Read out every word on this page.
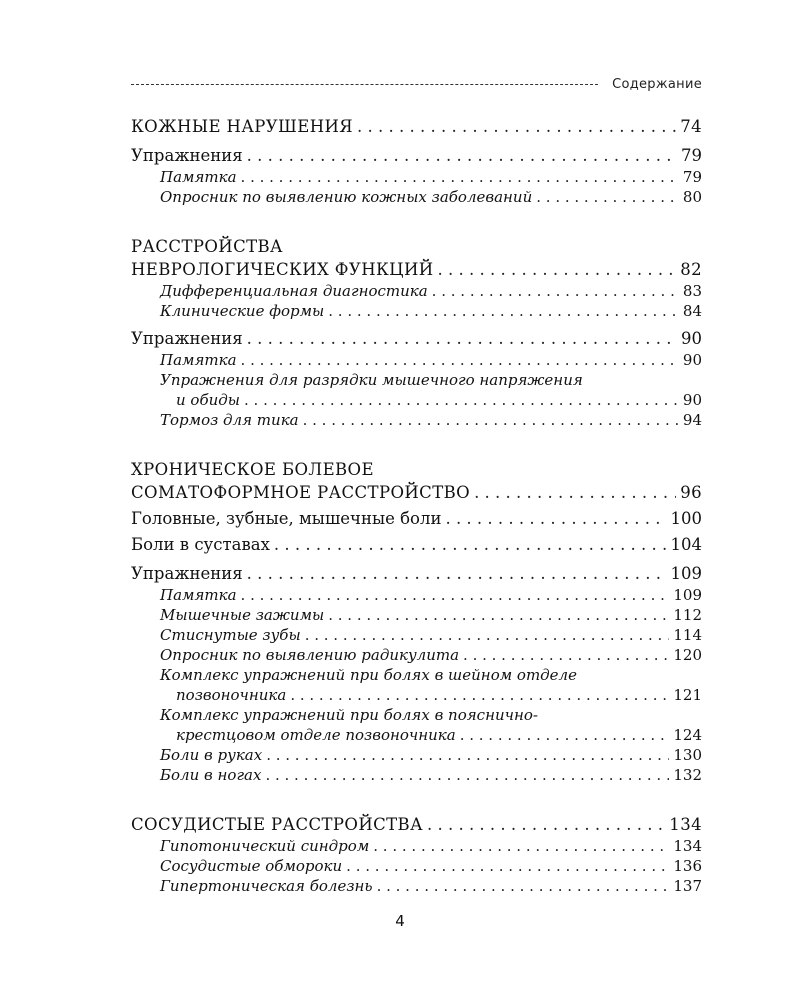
Содержание
КОЖНЫЕ НАРУШЕНИЯ . . .	74
Упражнения . . .	79
Памятка . . .	79
Опросник по выявлению кожных заболеваний . . .	80
РАССТРОЙСТВА
НЕВРОЛОГИЧЕСКИХ ФУНКЦИЙ . . .	82
Дифференциальная диагностика . . .	83
Клинические формы . . .	84
Упражнения . . .	90
Памятка . . .	90
Упражнения для разрядки мышечного напряжения
и обиды . . .	90
Тормоз для тика . . .	94
ХРОНИЧЕСКОЕ БОЛЕВОЕ
СОМАТОФОРМНОЕ РАССТРОЙСТВО . . .	96
Головные, зубные, мышечные боли . . .	100
Боли в суставах . . .	104
Упражнения . . .	109
Памятка . . .	109
Мышечные зажимы . . .	112
Стиснутые зубы . . .	114
Опросник по выявлению радикулита . . .	120
Комплекс упражнений при болях в шейном отделе
позвоночника . . .	121
Комплекс упражнений при болях в пояснично-
крестцовом отделе позвоночника . . .	124
Боли в руках . . .	130
Боли в ногах . . .	132
СОСУДИСТЫЕ РАССТРОЙСТВА . . .	134
Гипотонический синдром . . .	134
Сосудистые обмороки . . .	136
Гипертоническая болезнь . . .	137
4
